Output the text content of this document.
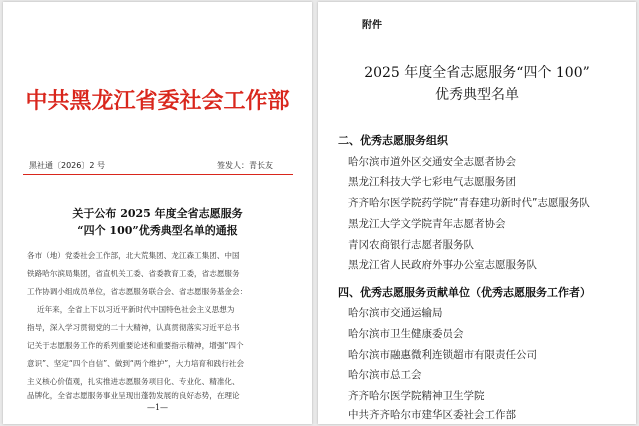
中共黑龙江省委社会工作部
黑社通〔2026〕2 号	签发人：青长友
关于公布 2025 年度全省志愿服务
“四个 100”优秀典型名单的通报
各市（地）党委社会工作部，北大荒集团、龙江森工集团、中国
铁路哈尔滨局集团，省直机关工委、省委教育工委，省志愿服务
工作协调小组成员单位，省志愿服务联合会、省志愿服务基金会：
近年来，全省上下以习近平新时代中国特色社会主义思想为
指导，深入学习贯彻党的二十大精神，认真贯彻落实习近平总书
记关于志愿服务工作的系列重要论述和重要指示精神，增强“四个
意识”、坚定“四个自信”、做到“两个维护”，大力培育和践行社会
主义核心价值观，扎实推进志愿服务项目化、专业化、精准化、
品牌化，全省志愿服务事业呈现出蓬勃发展的良好态势，在理论
—1—
附件
2025 年度全省志愿服务“四个 100”
优秀典型名单
二、优秀志愿服务组织
哈尔滨市道外区交通安全志愿者协会
黑龙江科技大学七彩电气志愿服务团
齐齐哈尔医学院药学院“青春建功新时代”志愿服务队
黑龙江大学文学院青年志愿者协会
青冈农商银行志愿者服务队
黑龙江省人民政府外事办公室志愿服务队
四、优秀志愿服务贡献单位（优秀志愿服务工作者）
哈尔滨市交通运输局
哈尔滨市卫生健康委员会
哈尔滨市融惠微利连锁超市有限责任公司
哈尔滨市总工会
齐齐哈尔医学院精神卫生学院
中共齐齐哈尔市建华区委社会工作部
